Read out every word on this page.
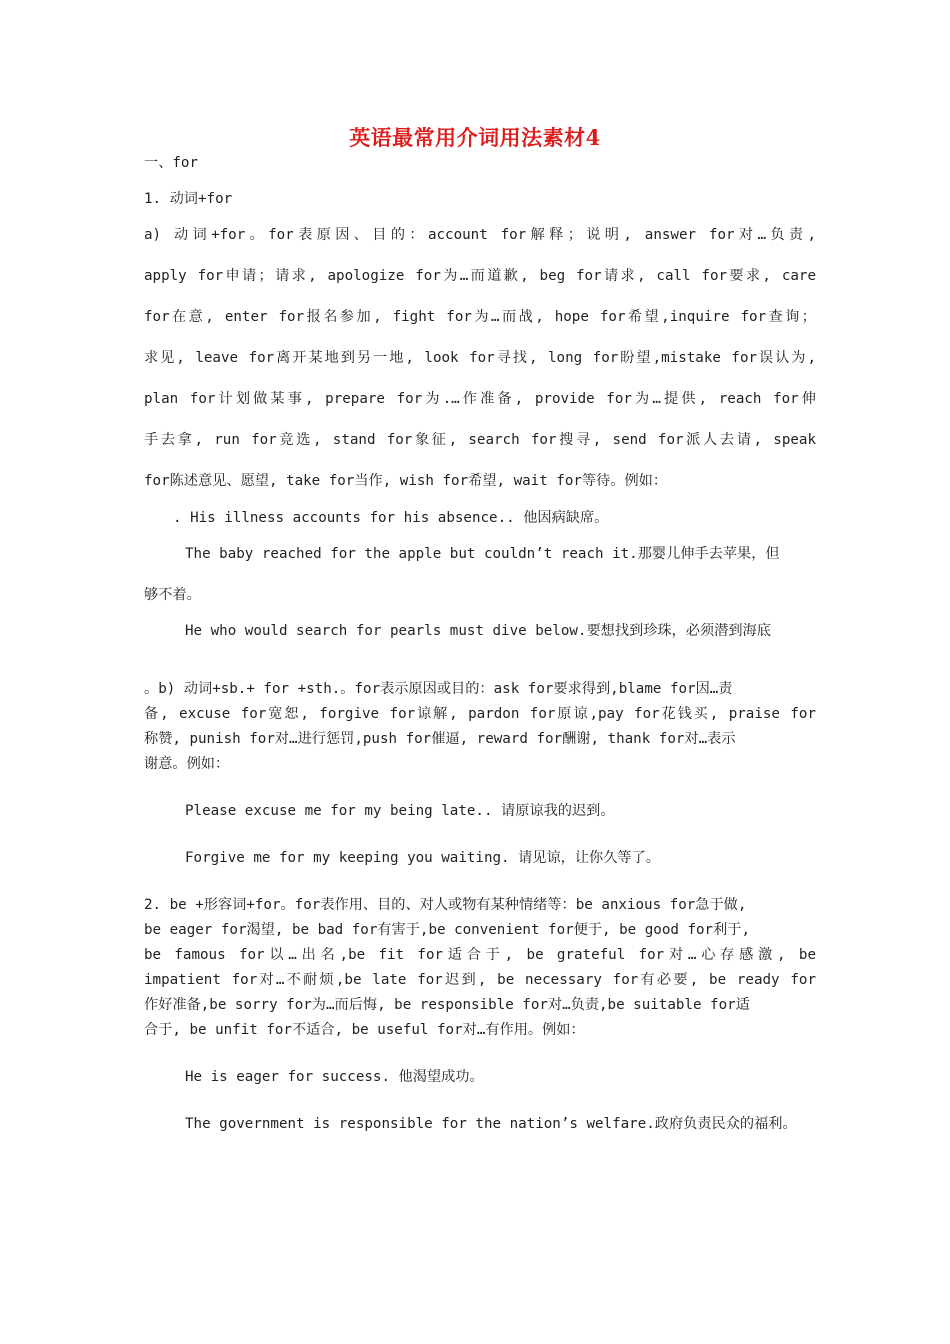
英语最常用介词用法素材4
一、for
1. 动词+for
a) 动词+for。for表原因、目的：account for解释；说明, answer for对…负责,
apply for申请；请求, apologize for为…而道歉, beg for请求, call for要求, care
for在意, enter for报名参加, fight for为…而战, hope for希望,inquire for查询；
求见, leave for离开某地到另一地, look for寻找, long for盼望,mistake for误认为,
plan for计划做某事, prepare for为.…作准备, provide for为…提供, reach for伸
手去拿, run for竞选, stand for象征, search for搜寻, send for派人去请, speak
for陈述意见、愿望, take for当作, wish for希望, wait for等待。例如：
. His illness accounts for his absence.. 他因病缺席。
The baby reached for the apple but couldn’t reach it.那婴儿伸手去苹果，但
够不着。
He who would search for pearls must dive below.要想找到珍珠，必须潜到海底
。b) 动词+sb.+ for +sth.。for表示原因或目的：ask for要求得到,blame for因…责
备, excuse for宽恕, forgive for谅解, pardon for原谅,pay for花钱买, praise for
称赞, punish for对…进行惩罚,push for催逼, reward for酬谢, thank for对…表示
谢意。例如：
Please excuse me for my being late.. 请原谅我的迟到。
Forgive me for my keeping you waiting. 请见谅，让你久等了。
2. be +形容词+for。for表作用、目的、对人或物有某种情绪等：be anxious for急于做,
be eager for渴望, be bad for有害于,be convenient for便于, be good for利于,
be famous for以…出名,be fit for适合于, be grateful for对…心存感激, be
impatient for对…不耐烦,be late for迟到, be necessary for有必要, be ready for
作好准备,be sorry for为…而后悔, be responsible for对…负责,be suitable for适
合于, be unfit for不适合, be useful for对…有作用。例如：
He is eager for success. 他渴望成功。
The government is responsible for the nation’s welfare.政府负责民众的福利。
